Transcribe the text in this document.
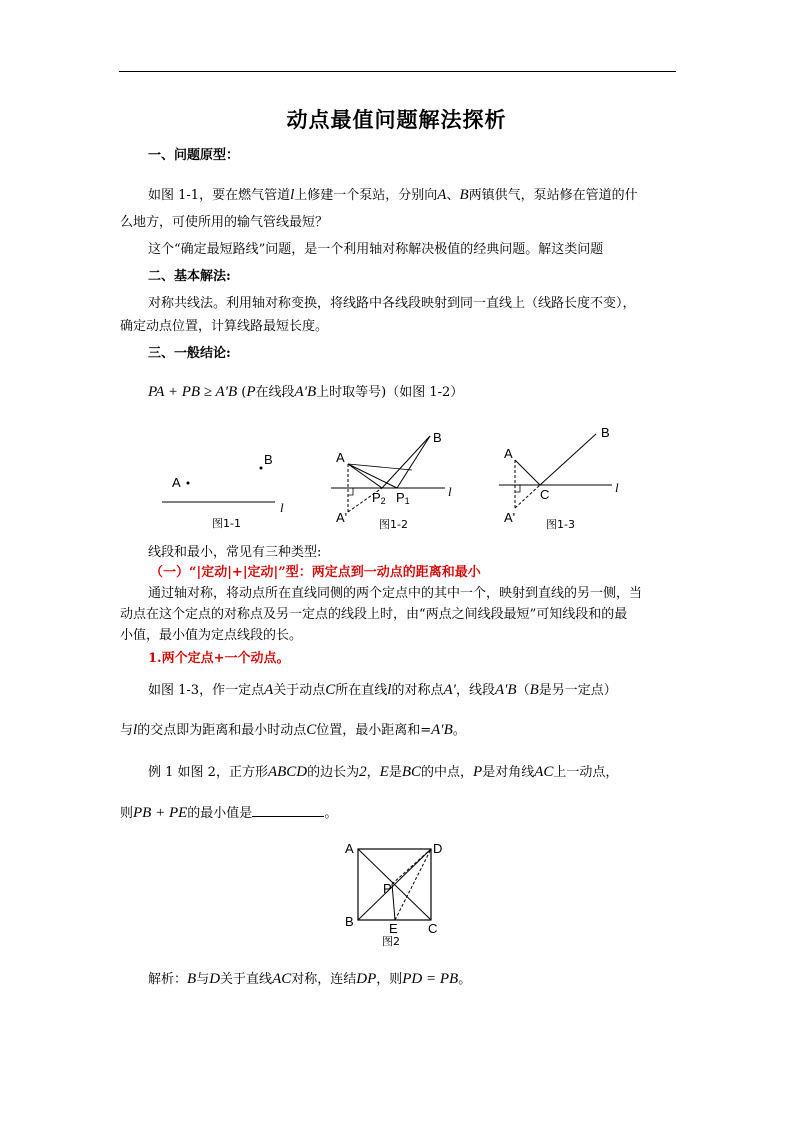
动点最值问题解法探析
一、问题原型：
如图 1-1，要在燃气管道l上修建一个泵站，分别向A、B两镇供气，泵站修在管道的什
么地方，可使所用的输气管线最短？
这个“确定最短路线”问题，是一个利用轴对称解决极值的经典问题。解这类问题
二、基本解法:
对称共线法。利用轴对称变换，将线路中各线段映射到同一直线上（线路长度不变），
确定动点位置，计算线路最短长度。
三、一般结论:
PA + PB ≥ A′B (P在线段A′B上时取等号)（如图 1-2）
A
B
l
图1-1
A
B
A'
P2 P1
l
图1-2
A
B
A'
C	l
图1-3
线段和最小，常见有三种类型:
（一）“|定动|+|定动|”型：两定点到一动点的距离和最小
通过轴对称，将动点所在直线同侧的两个定点中的其中一个，映射到直线的另一侧，当
动点在这个定点的对称点及另一定点的线段上时，由“两点之间线段最短”可知线段和的最
小值，最小值为定点线段的长。
1.两个定点+一个动点。
如图 1-3，作一定点A关于动点C所在直线l的对称点A′，线段A′B（B是另一定点）
与l的交点即为距离和最小时动点C位置，最小距离和=A′B。
例 1 如图 2，正方形ABCD的边长为2，E是BC的中点，P是对角线AC上一动点，
则PB + PE的最小值是	。
A	D
B	C
P
E
图2
解析：B与D关于直线AC对称，连结DP，则PD = PB。
